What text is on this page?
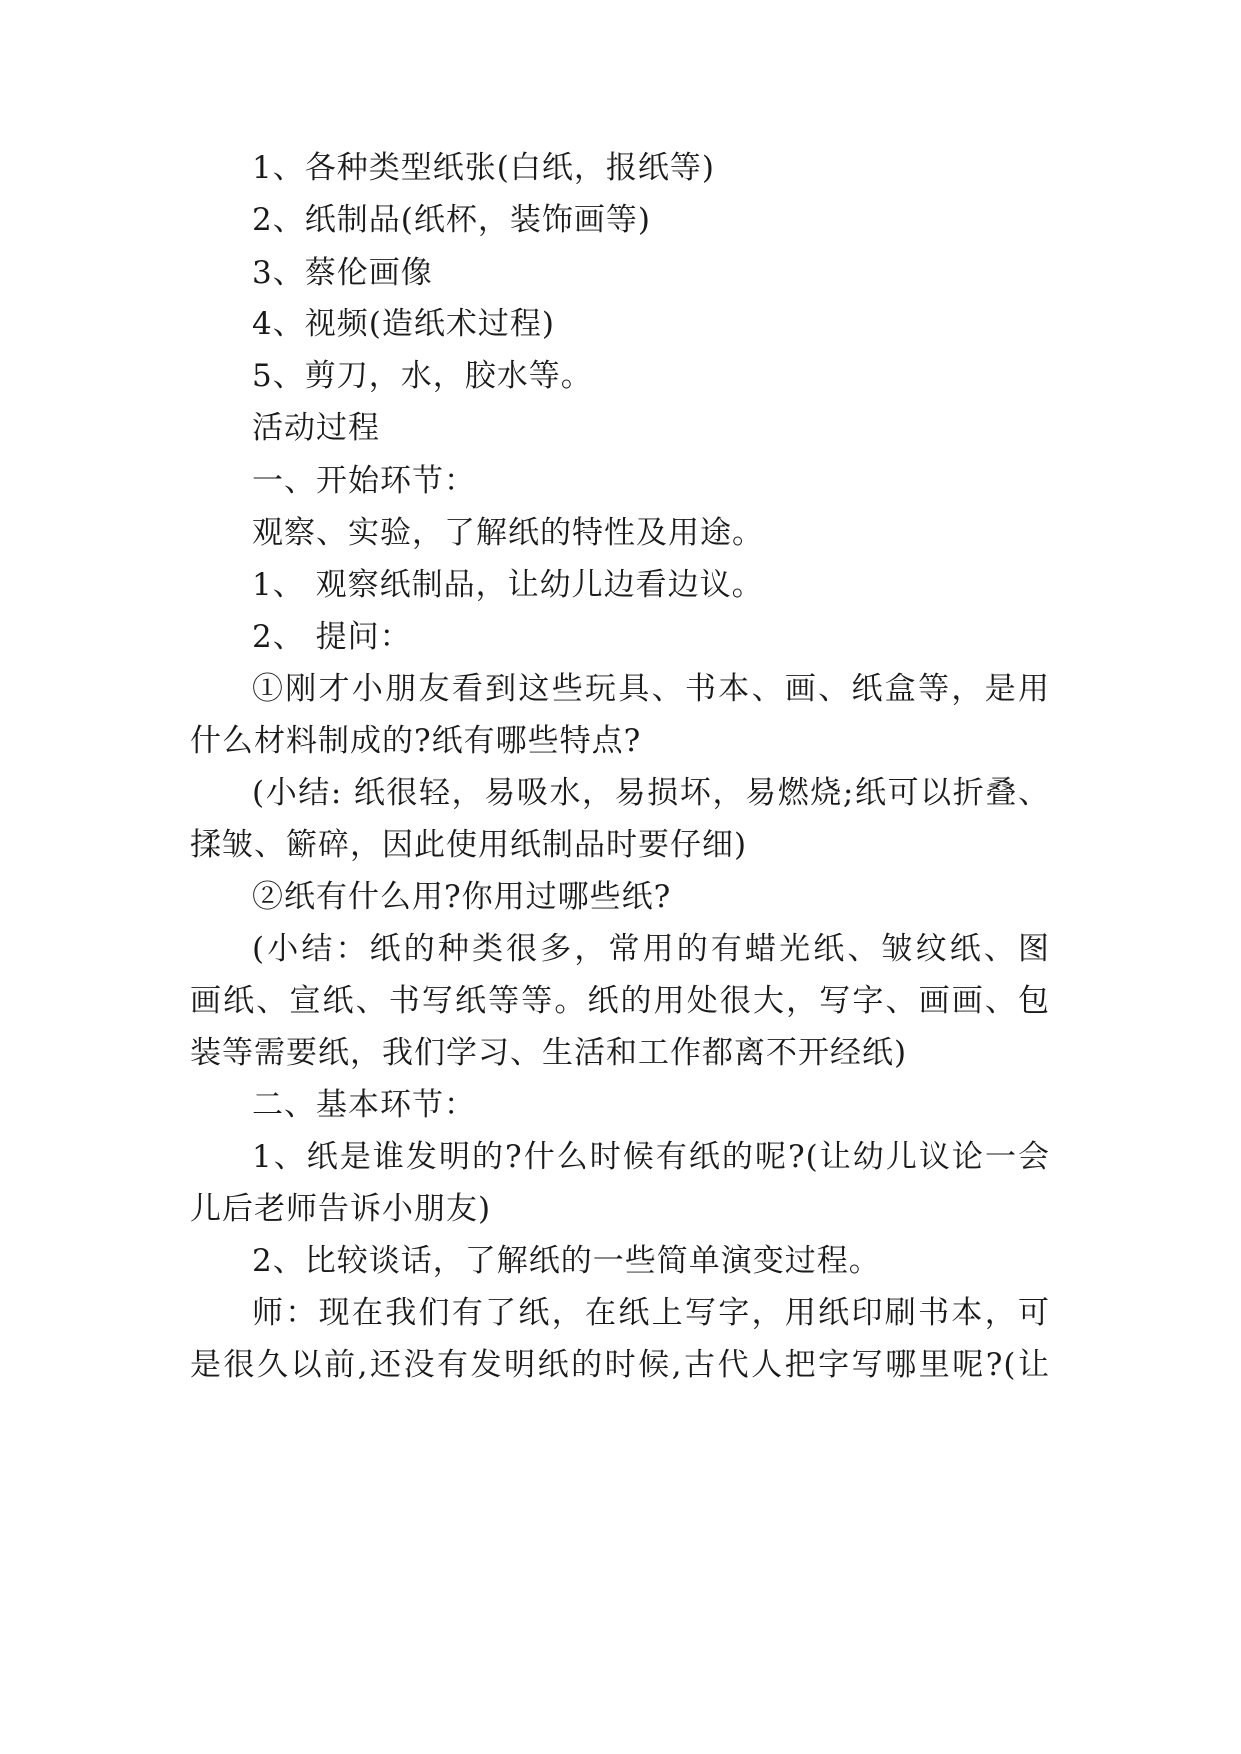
1、各种类型纸张(白纸，报纸等)
2、纸制品(纸杯，装饰画等)
3、蔡伦画像
4、视频(造纸术过程)
5、剪刀，水，胶水等。
活动过程
一、开始环节：
观察、实验，了解纸的特性及用途。
1、 观察纸制品，让幼儿边看边议。
2、 提问：
①刚才小朋友看到这些玩具、书本、画、纸盒等，是用
什么材料制成的?纸有哪些特点?
(小结: 纸很轻，易吸水，易损坏，易燃烧;纸可以折叠、
揉皱、簖碎，因此使用纸制品时要仔细)
②纸有什么用?你用过哪些纸?
(小结：纸的种类很多，常用的有蜡光纸、皱纹纸、图
画纸、宣纸、书写纸等等。纸的用处很大，写字、画画、包
装等需要纸，我们学习、生活和工作都离不开经纸)
二、基本环节：
1、纸是谁发明的?什么时候有纸的呢?(让幼儿议论一会
儿后老师告诉小朋友)
2、比较谈话，了解纸的一些简单演变过程。
师：现在我们有了纸，在纸上写字，用纸印刷书本，可
是很久以前,还没有发明纸的时候,古代人把字写哪里呢?(让
